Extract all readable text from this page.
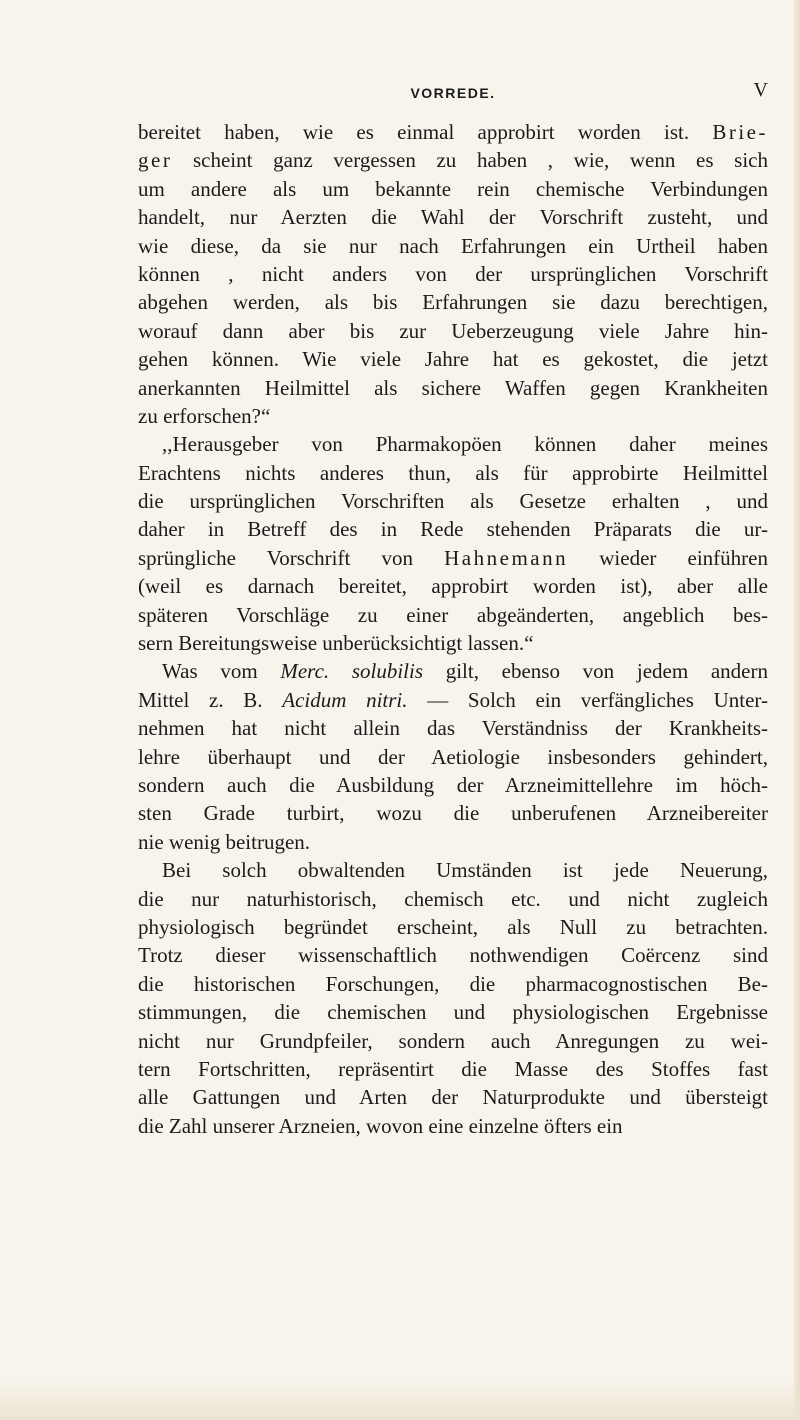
VORREDE.	V
bereitet haben, wie es einmal approbirt worden ist. Brie-
ger scheint ganz vergessen zu haben , wie, wenn es sich
um andere als um bekannte rein chemische Verbindungen
handelt, nur Aerzten die Wahl der Vorschrift zusteht, und
wie diese, da sie nur nach Erfahrungen ein Urtheil haben
können , nicht anders von der ursprünglichen Vorschrift
abgehen werden, als bis Erfahrungen sie dazu berechtigen,
worauf dann aber bis zur Ueberzeugung viele Jahre hin-
gehen können. Wie viele Jahre hat es gekostet, die jetzt
anerkannten Heilmittel als sichere Waffen gegen Krankheiten
zu erforschen?“
,,Herausgeber von Pharmakopöen können daher meines
Erachtens nichts anderes thun, als für approbirte Heilmittel
die ursprünglichen Vorschriften als Gesetze erhalten , und
daher in Betreff des in Rede stehenden Präparats die ur-
sprüngliche Vorschrift von Hahnemann wieder einführen
(weil es darnach bereitet, approbirt worden ist), aber alle
späteren Vorschläge zu einer abgeänderten, angeblich bes-
sern Bereitungsweise unberücksichtigt lassen.“
Was vom Merc. solubilis gilt, ebenso von jedem andern
Mittel z. B. Acidum nitri. — Solch ein verfängliches Unter-
nehmen hat nicht allein das Verständniss der Krankheits-
lehre überhaupt und der Aetiologie insbesonders gehindert,
sondern auch die Ausbildung der Arzneimittellehre im höch-
sten Grade turbirt, wozu die unberufenen Arzneibereiter
nie wenig beitrugen.
Bei solch obwaltenden Umständen ist jede Neuerung,
die nur naturhistorisch, chemisch etc. und nicht zugleich
physiologisch begründet erscheint, als Null zu betrachten.
Trotz dieser wissenschaftlich nothwendigen Coërcenz sind
die historischen Forschungen, die pharmacognostischen Be-
stimmungen, die chemischen und physiologischen Ergebnisse
nicht nur Grundpfeiler, sondern auch Anregungen zu wei-
tern Fortschritten, repräsentirt die Masse des Stoffes fast
alle Gattungen und Arten der Naturprodukte und übersteigt
die Zahl unserer Arzneien, wovon eine einzelne öfters ein
